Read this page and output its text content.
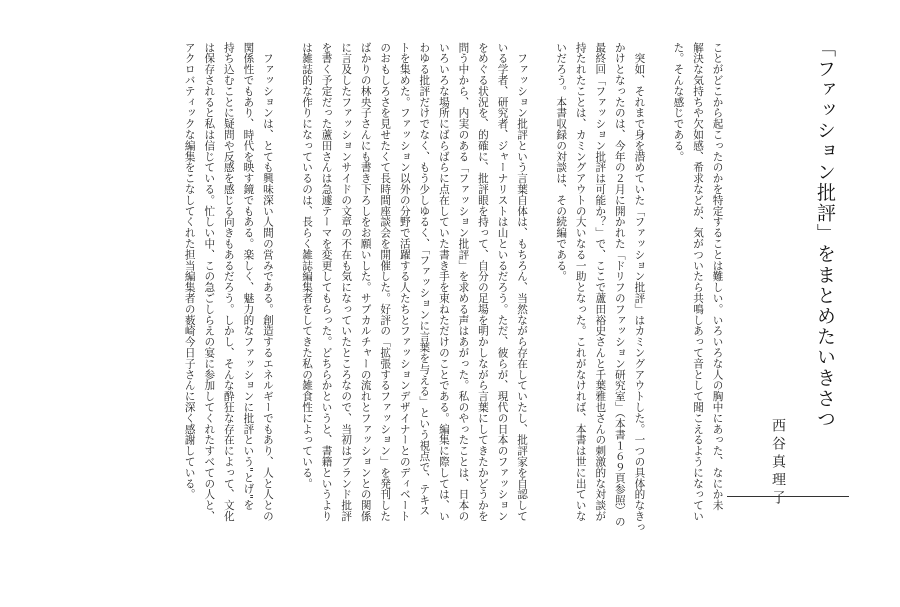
「ファッション批評」をまとめたいきさつ
西谷真理子
ことがどこから起こったのかを特定することは難しい。いろいろな人の胸中にあった、なにか未
解決な気持ちや欠如感、希求などが、気がついたら共鳴しあって音として聞こえるようになってい
た。そんな感じである。
　突如、それまで身を潜めていた「ファッション批評」はカミングアウトした。一つの具体的なきっ
かけとなったのは、今年の２月に開かれた「ドリフのファッション研究室」（本書１６９頁参照）の
最終回「ファッション批評は可能か？」で、ここで蘆田裕史さんと千葉雅也さんの刺激的な対談が
持たれたことは、カミングアウトの大いなる一助となった。これがなければ、本書は世に出ていな
いだろう。本書収録の対談は、その続編である。
　ファッション批評という言葉自体は、もちろん、当然ながら存在していたし、批評家を自認して
いる学者、研究者、ジャーナリストは山といるだろう。ただ、彼らが、現代の日本のファッション
をめぐる状況を、的確に、批評眼を持って、自分の足場を明かしながら言葉にしてきたかどうかを
問う中から、内実のある「ファッション批評」を求める声はあがった。私のやったことは、日本の
いろいろな場所にばらばらに点在していた書き手を束ねただけのことである。編集に際しては、い
わゆる批評だけでなく、もう少しゆるく、「ファッションに言葉を与える」という視点で、テキス
トを集めた。ファッション以外の分野で活躍する人たちとファッションデザイナーとのディベート
のおもしろさを見せたくて長時間座談会を開催した。好評の「拡張するファッション」を発刊した
ばかりの林央子さんにも書き下ろしをお願いした。サブカルチャーの流れとファッションとの関係
に言及したファッションサイドの文章の不在も気になっていたところなので、当初はブランド批評
を書く予定だった蘆田さんは急遽テーマを変更してもらった。どちらかというと、書籍というより
は雑誌的な作りになっているのは、長らく雑誌編集者をしてきた私の雑食性によっている。
　ファッションは、とても興味深い人間の営みである。創造するエネルギーでもあり、人と人との
関係性でもあり、時代を映す鏡でもある。楽しく、魅力的なファッションに批評という"とげ"を
持ち込むことに疑問や反感を感じる向きもあるだろう。しかし、そんな酔狂な存在によって、文化
は保存されると私は信じている。忙しい中、この急ごしらえの宴に参加してくれたすべての人と、
アクロバティックな編集をこなしてくれた担当編集者の薮崎今日子さんに深く感謝している。
